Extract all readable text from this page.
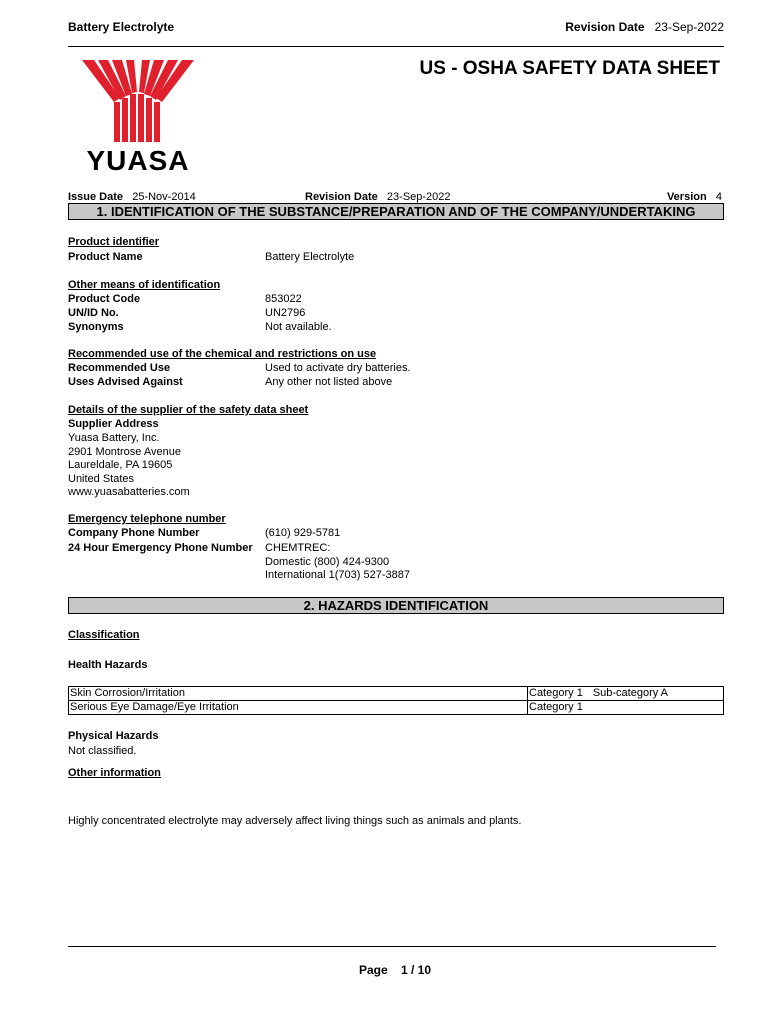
Battery Electrolyte	Revision Date 23-Sep-2022
YUASA
US - OSHA SAFETY DATA SHEET
Issue Date 25-Nov-2014	Revision Date 23-Sep-2022	Version 4
1. IDENTIFICATION OF THE SUBSTANCE/PREPARATION AND OF THE COMPANY/UNDERTAKING
Product identifier
Product Name	Battery Electrolyte
Other means of identification
Product Code	853022
UN/ID No.	UN2796
Synonyms	Not available.
Recommended use of the chemical and restrictions on use
Recommended Use	Used to activate dry batteries.
Uses Advised Against	Any other not listed above
Details of the supplier of the safety data sheet
Supplier Address
Yuasa Battery, Inc.
2901 Montrose Avenue
Laureldale, PA 19605
United States
www.yuasabatteries.com
Emergency telephone number
Company Phone Number	(610) 929-5781
24 Hour Emergency Phone Number CHEMTREC:
Domestic (800) 424-9300
International 1(703) 527-3887
2. HAZARDS IDENTIFICATION
Classification
Health Hazards
Skin Corrosion/Irritation	Category 1 Sub-category A
Serious Eye Damage/Eye Irritation	Category 1
Physical Hazards
Not classified.
Other information
Highly concentrated electrolyte may adversely affect living things such as animals and plants.
Page 1 / 10
